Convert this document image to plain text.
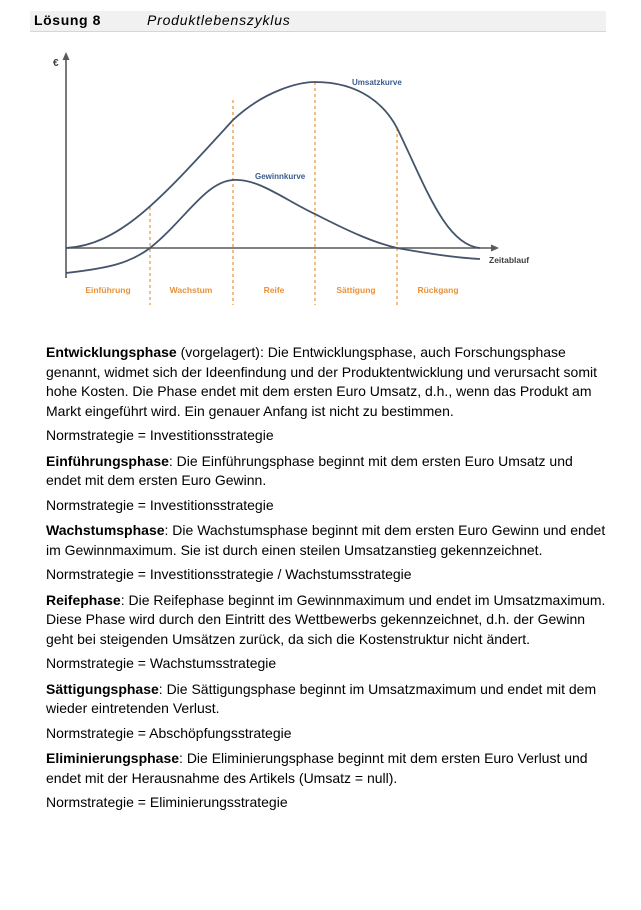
Lösung 8	Produktlebenszyklus
€
Zeitablauf
Umsatzkurve
Gewinnkurve
Einführung	Wachstum	Reife	Sättigung	Rückgang

Entwicklungsphase (vorgelagert): Die Entwicklungsphase, auch Forschungsphase genannt, widmet sich der Ideenfindung und der Produktentwicklung und verursacht somit hohe Kosten. Die Phase endet mit dem ersten Euro Umsatz, d.h., wenn das Produkt am Markt eingeführt wird. Ein genauer Anfang ist nicht zu bestimmen.

Normstrategie = Investitionsstrategie

Einführungsphase: Die Einführungsphase beginnt mit dem ersten Euro Umsatz und endet mit dem ersten Euro Gewinn.

Normstrategie = Investitionsstrategie

Wachstumsphase: Die Wachstumsphase beginnt mit dem ersten Euro Gewinn und endet im Gewinnmaximum. Sie ist durch einen steilen Umsatzanstieg gekennzeichnet.

Normstrategie = Investitionsstrategie / Wachstumsstrategie

Reifephase: Die Reifephase beginnt im Gewinnmaximum und endet im Umsatzmaximum. Diese Phase wird durch den Eintritt des Wettbewerbs gekennzeichnet, d.h. der Gewinn geht bei steigenden Umsätzen zurück, da sich die Kostenstruktur nicht ändert.

Normstrategie = Wachstumsstrategie

Sättigungsphase: Die Sättigungsphase beginnt im Umsatzmaximum und endet mit dem wieder eintretenden Verlust.

Normstrategie = Abschöpfungsstrategie

Eliminierungsphase: Die Eliminierungsphase beginnt mit dem ersten Euro Verlust und endet mit der Herausnahme des Artikels (Umsatz = null).

Normstrategie = Eliminierungsstrategie
